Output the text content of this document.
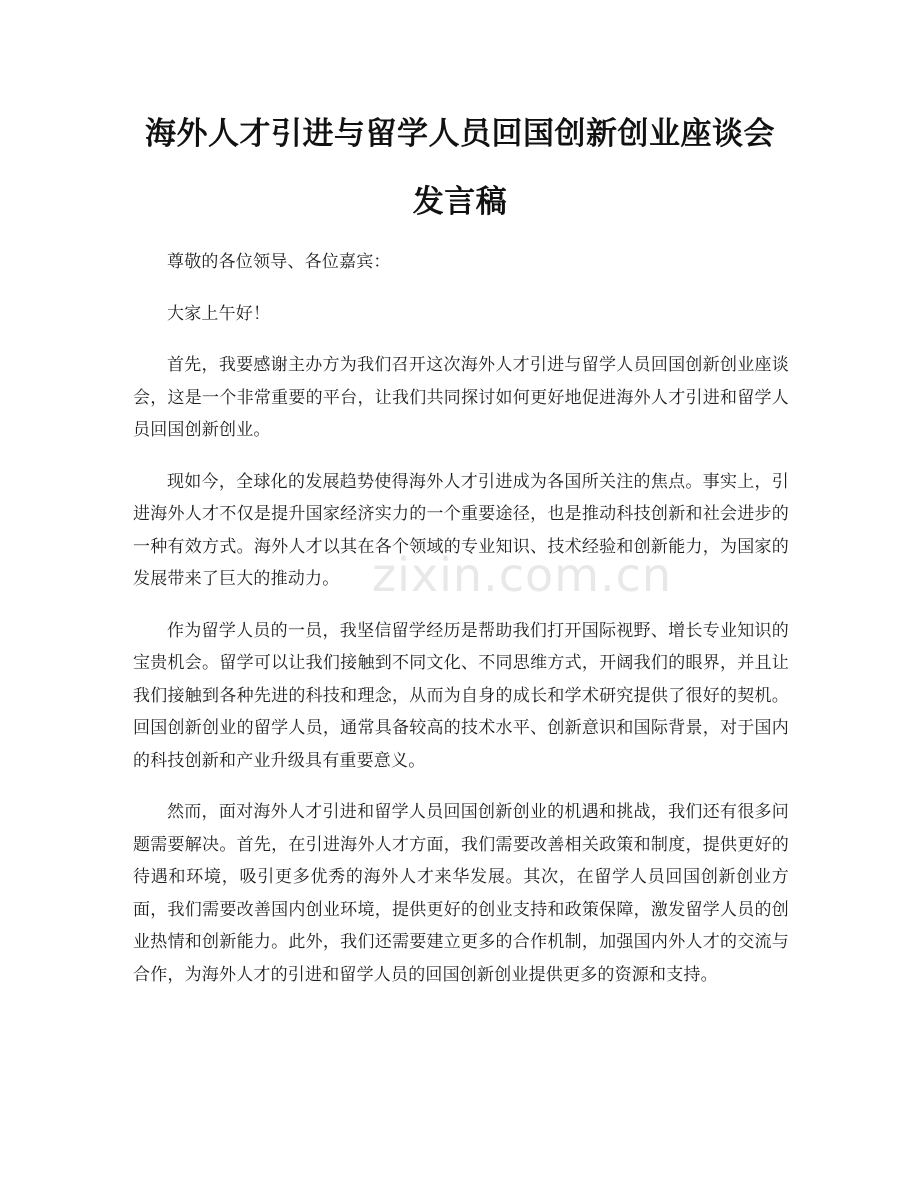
海外人才引进与留学人员回国创新创业座谈会发言稿

尊敬的各位领导、各位嘉宾：

大家上午好！

首先，我要感谢主办方为我们召开这次海外人才引进与留学人员回国创新创业座谈会，这是一个非常重要的平台，让我们共同探讨如何更好地促进海外人才引进和留学人员回国创新创业。

现如今，全球化的发展趋势使得海外人才引进成为各国所关注的焦点。事实上，引进海外人才不仅是提升国家经济实力的一个重要途径，也是推动科技创新和社会进步的一种有效方式。海外人才以其在各个领域的专业知识、技术经验和创新能力，为国家的发展带来了巨大的推动力。

作为留学人员的一员，我坚信留学经历是帮助我们打开国际视野、增长专业知识的宝贵机会。留学可以让我们接触到不同文化、不同思维方式，开阔我们的眼界，并且让我们接触到各种先进的科技和理念，从而为自身的成长和学术研究提供了很好的契机。回国创新创业的留学人员，通常具备较高的技术水平、创新意识和国际背景，对于国内的科技创新和产业升级具有重要意义。

然而，面对海外人才引进和留学人员回国创新创业的机遇和挑战，我们还有很多问题需要解决。首先，在引进海外人才方面，我们需要改善相关政策和制度，提供更好的待遇和环境，吸引更多优秀的海外人才来华发展。其次，在留学人员回国创新创业方面，我们需要改善国内创业环境，提供更好的创业支持和政策保障，激发留学人员的创业热情和创新能力。此外，我们还需要建立更多的合作机制，加强国内外人才的交流与合作，为海外人才的引进和留学人员的回国创新创业提供更多的资源和支持。

zixin.com.cn
